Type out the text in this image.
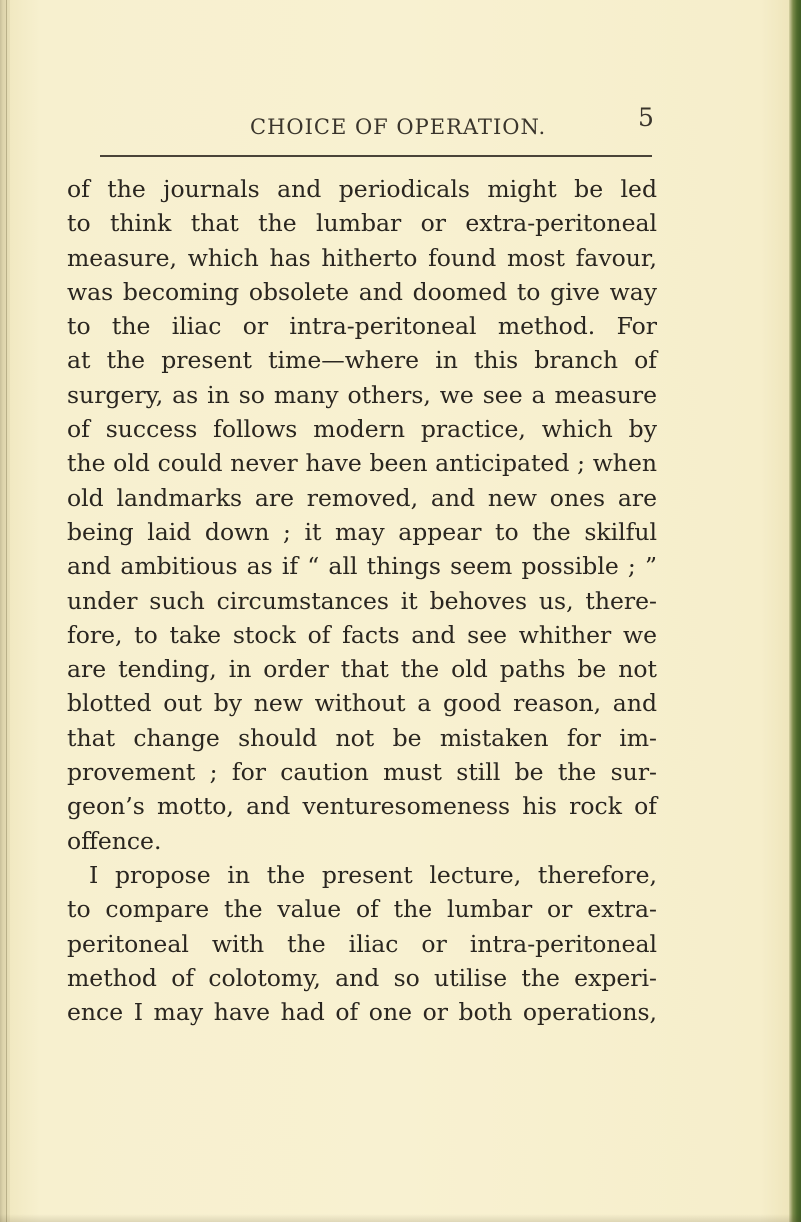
CHOICE OF OPERATION.	5
of the journals and periodicals might be led
to think that the lumbar or extra-peritoneal
measure, which has hitherto found most favour,
was becoming obsolete and doomed to give way
to the iliac or intra-peritoneal method. For
at the present time—where in this branch of
surgery, as in so many others, we see a measure
of success follows modern practice, which by
the old could never have been anticipated ; when
old landmarks are removed, and new ones are
being laid down ; it may appear to the skilful
and ambitious as if “ all things seem possible ; ”
under such circumstances it behoves us, there-
fore, to take stock of facts and see whither we
are tending, in order that the old paths be not
blotted out by new without a good reason, and
that change should not be mistaken for im-
provement ; for caution must still be the sur-
geon’s motto, and venturesomeness his rock of
offence.
I propose in the present lecture, therefore,
to compare the value of the lumbar or extra-
peritoneal with the iliac or intra-peritoneal
method of colotomy, and so utilise the experi-
ence I may have had of one or both operations,
